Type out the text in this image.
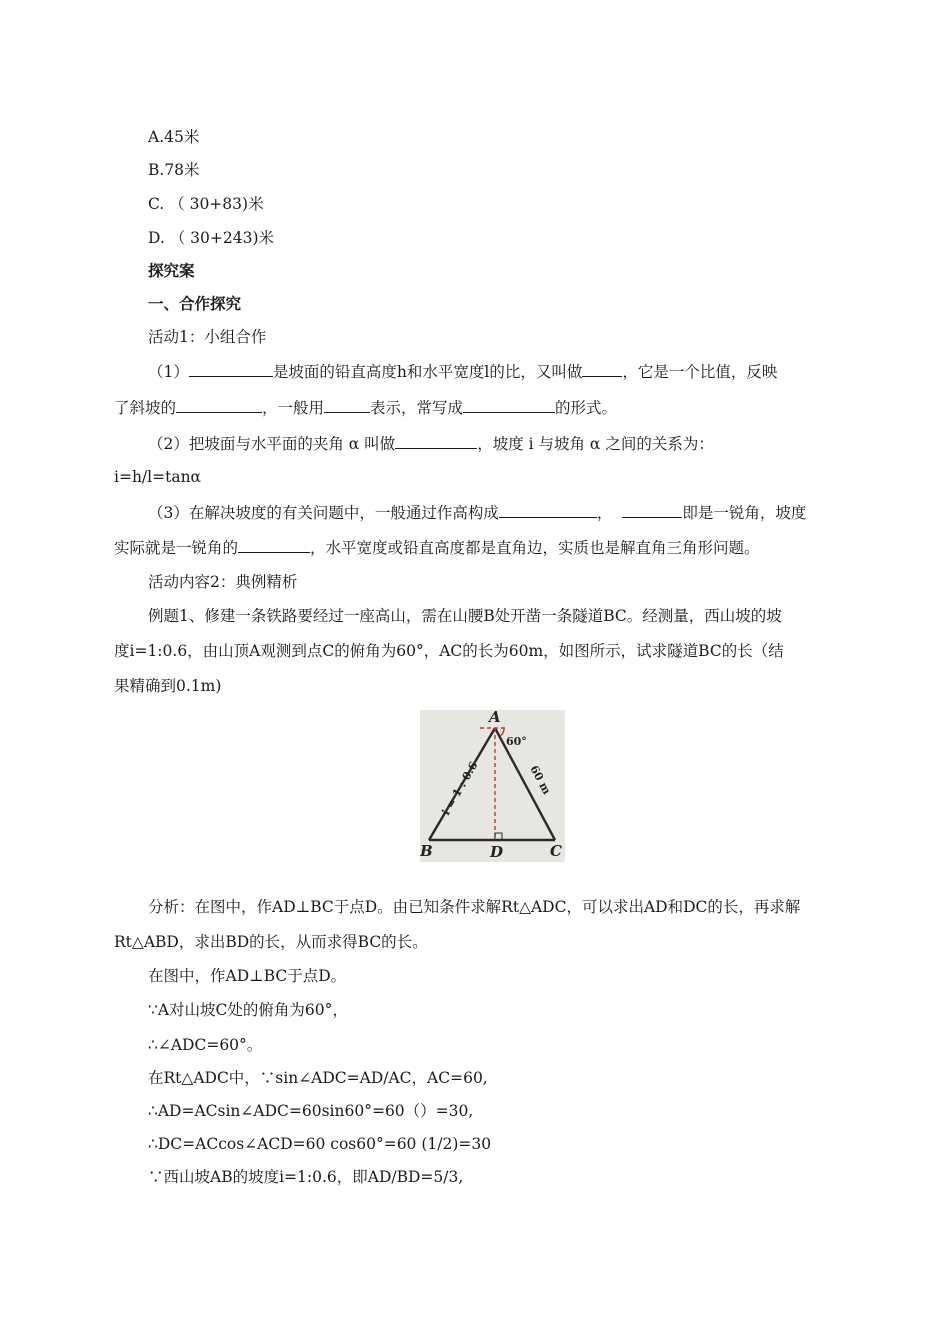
A.45米
B.78米
C. （ 30+83)米
D. （ 30+243)米
探究案
一、合作探究
活动1：小组合作
（1）	是坡面的铅直高度h和水平宽度l的比，又叫做	，它是一个比值，反映
了斜坡的	，一般用	表示，常写成	的形式。
（2）把坡面与水平面的夹角 α 叫做	，坡度 i 与坡角 α 之间的关系为：
i=h/l=tanα
（3）在解决坡度的有关问题中，一般通过作高构成	，	即是一锐角，坡度
实际就是一锐角的	，水平宽度或铅直高度都是直角边，实质也是解直角三角形问题。
活动内容2：典例精析
例题1、修建一条铁路要经过一座高山，需在山腰B处开凿一条隧道BC。经测量，西山坡的坡
度i=1:0.6，由山顶A观测到点C的俯角为60°，AC的长为60m，如图所示，试求隧道BC的长（结
果精确到0.1m)
A
B	D	C
60°
i = 1 : 0.6	60 m
分析：在图中，作AD⊥BC于点D。由已知条件求解Rt△ADC，可以求出AD和DC的长，再求解
Rt△ABD，求出BD的长，从而求得BC的长。
在图中，作AD⊥BC于点D。
∵A对山坡C处的俯角为60°，
∴∠ADC=60°。
在Rt△ADC中，∵sin∠ADC=AD/AC，AC=60,
∴AD=ACsin∠ADC=60sin60°=60（）=30,
∴DC=ACcos∠ACD=60 cos60°=60 (1/2)=30
∵西山坡AB的坡度i=1:0.6，即AD/BD=5/3,
